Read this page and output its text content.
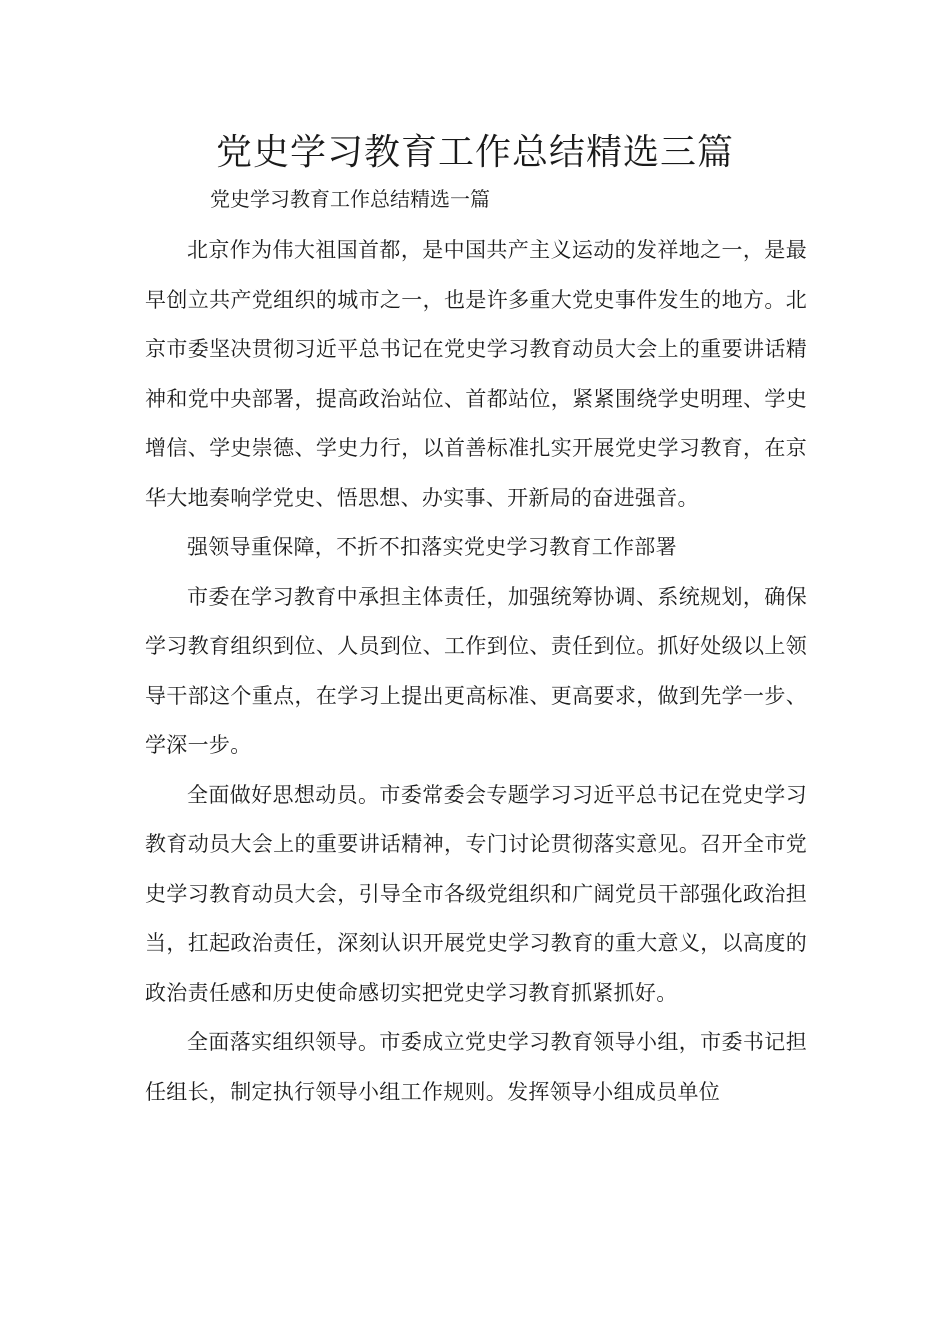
党史学习教育工作总结精选三篇

党史学习教育工作总结精选一篇

北京作为伟大祖国首都，是中国共产主义运动的发祥地之一，是最早创立共产党组织的城市之一，也是许多重大党史事件发生的地方。北京市委坚决贯彻习近平总书记在党史学习教育动员大会上的重要讲话精神和党中央部署，提高政治站位、首都站位，紧紧围绕学史明理、学史增信、学史崇德、学史力行，以首善标准扎实开展党史学习教育，在京华大地奏响学党史、悟思想、办实事、开新局的奋进强音。

强领导重保障，不折不扣落实党史学习教育工作部署

市委在学习教育中承担主体责任，加强统筹协调、系统规划，确保学习教育组织到位、人员到位、工作到位、责任到位。抓好处级以上领导干部这个重点，在学习上提出更高标准、更高要求，做到先学一步、学深一步。

全面做好思想动员。市委常委会专题学习习近平总书记在党史学习教育动员大会上的重要讲话精神，专门讨论贯彻落实意见。召开全市党史学习教育动员大会，引导全市各级党组织和广阔党员干部强化政治担当，扛起政治责任，深刻认识开展党史学习教育的重大意义，以高度的政治责任感和历史使命感切实把党史学习教育抓紧抓好。

全面落实组织领导。市委成立党史学习教育领导小组，市委书记担任组长，制定执行领导小组工作规则。发挥领导小组成员单位
